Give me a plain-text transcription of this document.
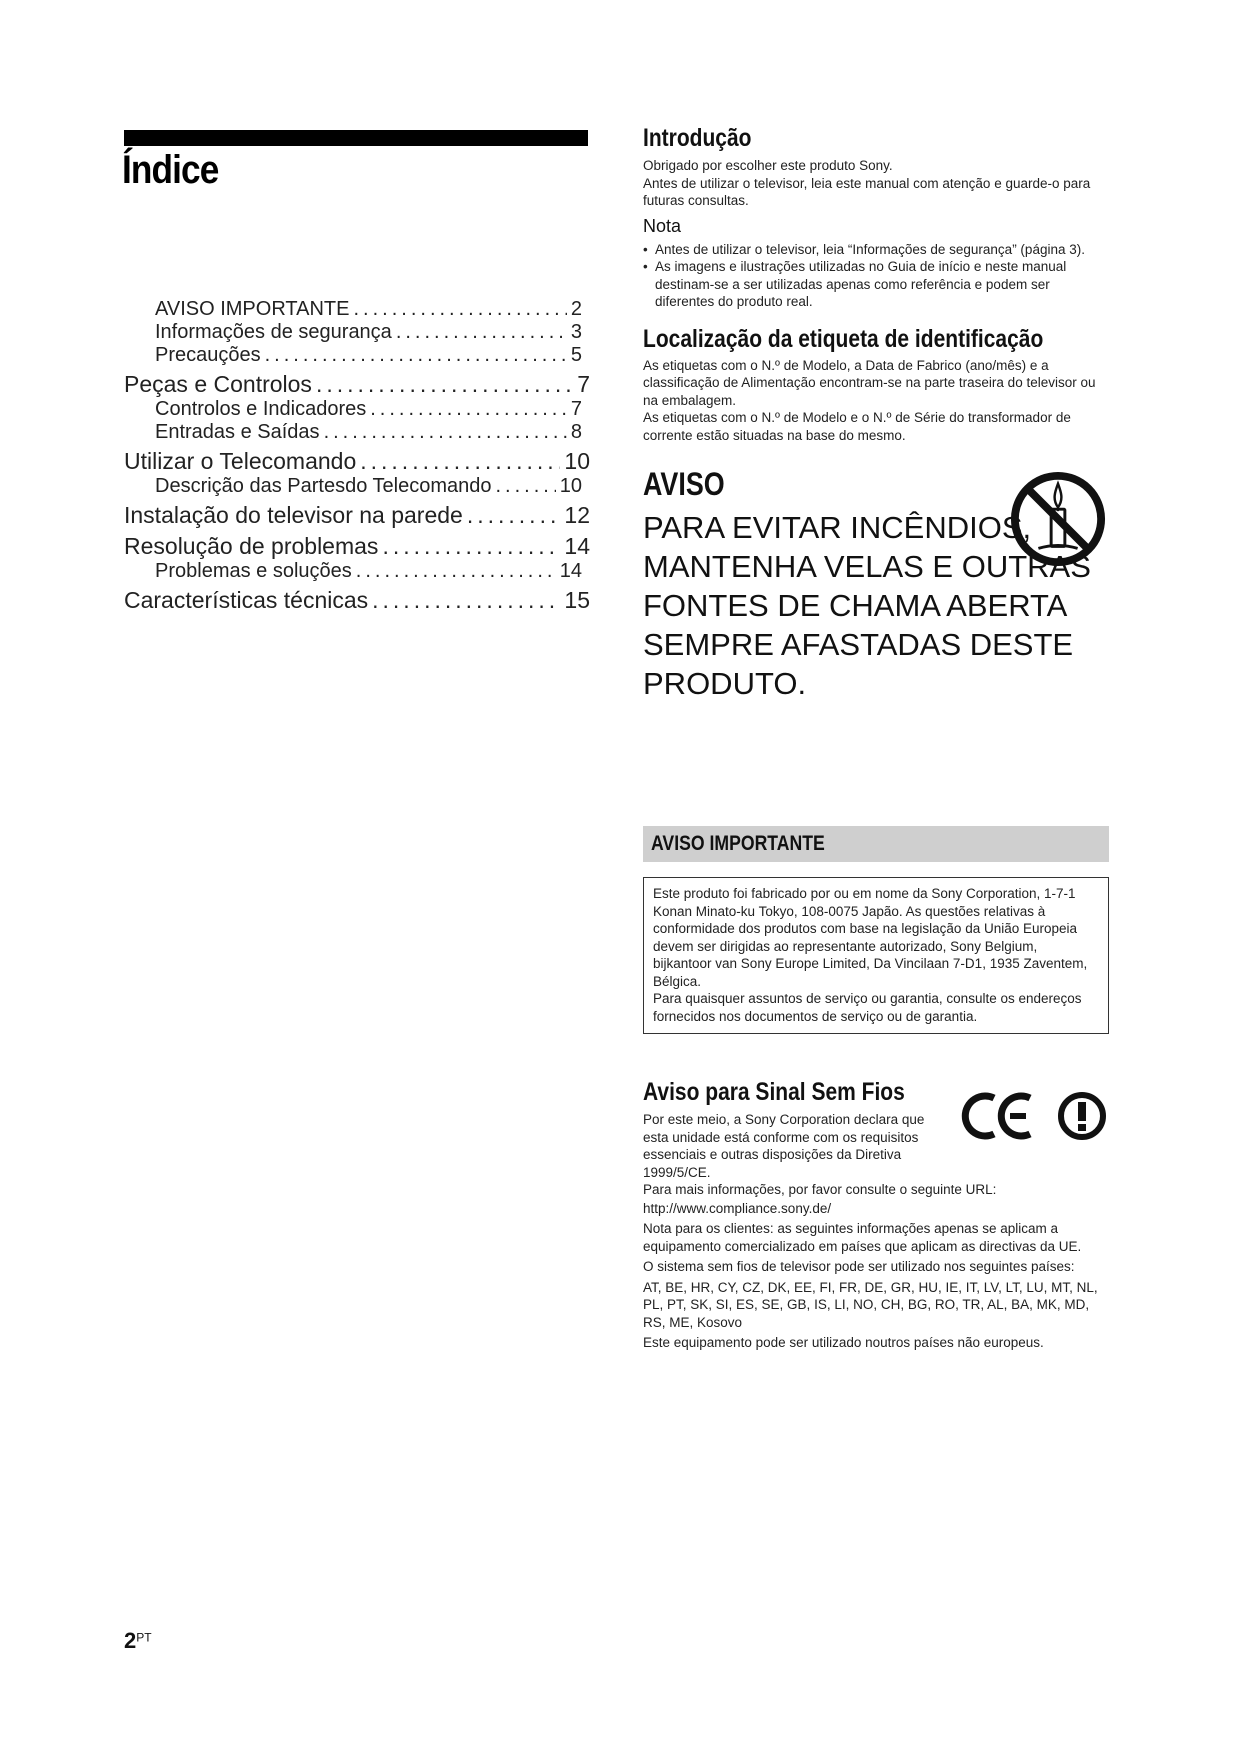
Índice
AVISO IMPORTANTE .....	2
Informações de segurança .....	3
Precauções .....	5
Peças e Controlos .....	7
Controlos e Indicadores .....	7
Entradas e Saídas .....	8
Utilizar o Telecomando .....	10
Descrição das Partesdo Telecomando .....	10
Instalação do televisor na parede .....	12
Resolução de problemas .....	14
Problemas e soluções .....	14
Características técnicas .....	15
Introdução

Obrigado por escolher este produto Sony.

Antes de utilizar o televisor, leia este manual com atenção e guarde-o para futuras consultas.

Nota
• Antes de utilizar o televisor, leia “Informações de segurança” (página 3).
• As imagens e ilustrações utilizadas no Guia de início e neste manual destinam-se a ser utilizadas apenas como referência e podem ser diferentes do produto real.
Localização da etiqueta de identificação

As etiquetas com o N.º de Modelo, a Data de Fabrico (ano/mês) e a classificação de Alimentação encontram-se na parte traseira do televisor ou na embalagem.

As etiquetas com o N.º de Modelo e o N.º de Série do transformador de corrente estão situadas na base do mesmo.

AVISO

PARA EVITAR INCÊNDIOS, MANTENHA VELAS E OUTRAS FONTES DE CHAMA ABERTA SEMPRE AFASTADAS DESTE PRODUTO.

AVISO IMPORTANTE

Este produto foi fabricado por ou em nome da Sony Corporation, 1-7-1 Konan Minato-ku Tokyo, 108-0075 Japão. As questões relativas à conformidade dos produtos com base na legislação da União Europeia devem ser dirigidas ao representante autorizado, Sony Belgium, bijkantoor van Sony Europe Limited, Da Vincilaan 7-D1, 1935 Zaventem, Bélgica.

Para quaisquer assuntos de serviço ou garantia, consulte os endereços fornecidos nos documentos de serviço ou de garantia.

Aviso para Sinal Sem Fios

Por este meio, a Sony Corporation declara que esta unidade está conforme com os requisitos essenciais e outras disposições da Diretiva 1999/5/CE.

Para mais informações, por favor consulte o seguinte URL:

http://www.compliance.sony.de/

Nota para os clientes: as seguintes informações apenas se aplicam a equipamento comercializado em países que aplicam as directivas da UE.

O sistema sem fios de televisor pode ser utilizado nos seguintes países:

AT, BE, HR, CY, CZ, DK, EE, FI, FR, DE, GR, HU, IE, IT, LV, LT, LU, MT, NL, PL, PT, SK, SI, ES, SE, GB, IS, LI, NO, CH, BG, RO, TR, AL, BA, MK, MD, RS, ME, Kosovo

Este equipamento pode ser utilizado noutros países não europeus.

$2^{PT}$
